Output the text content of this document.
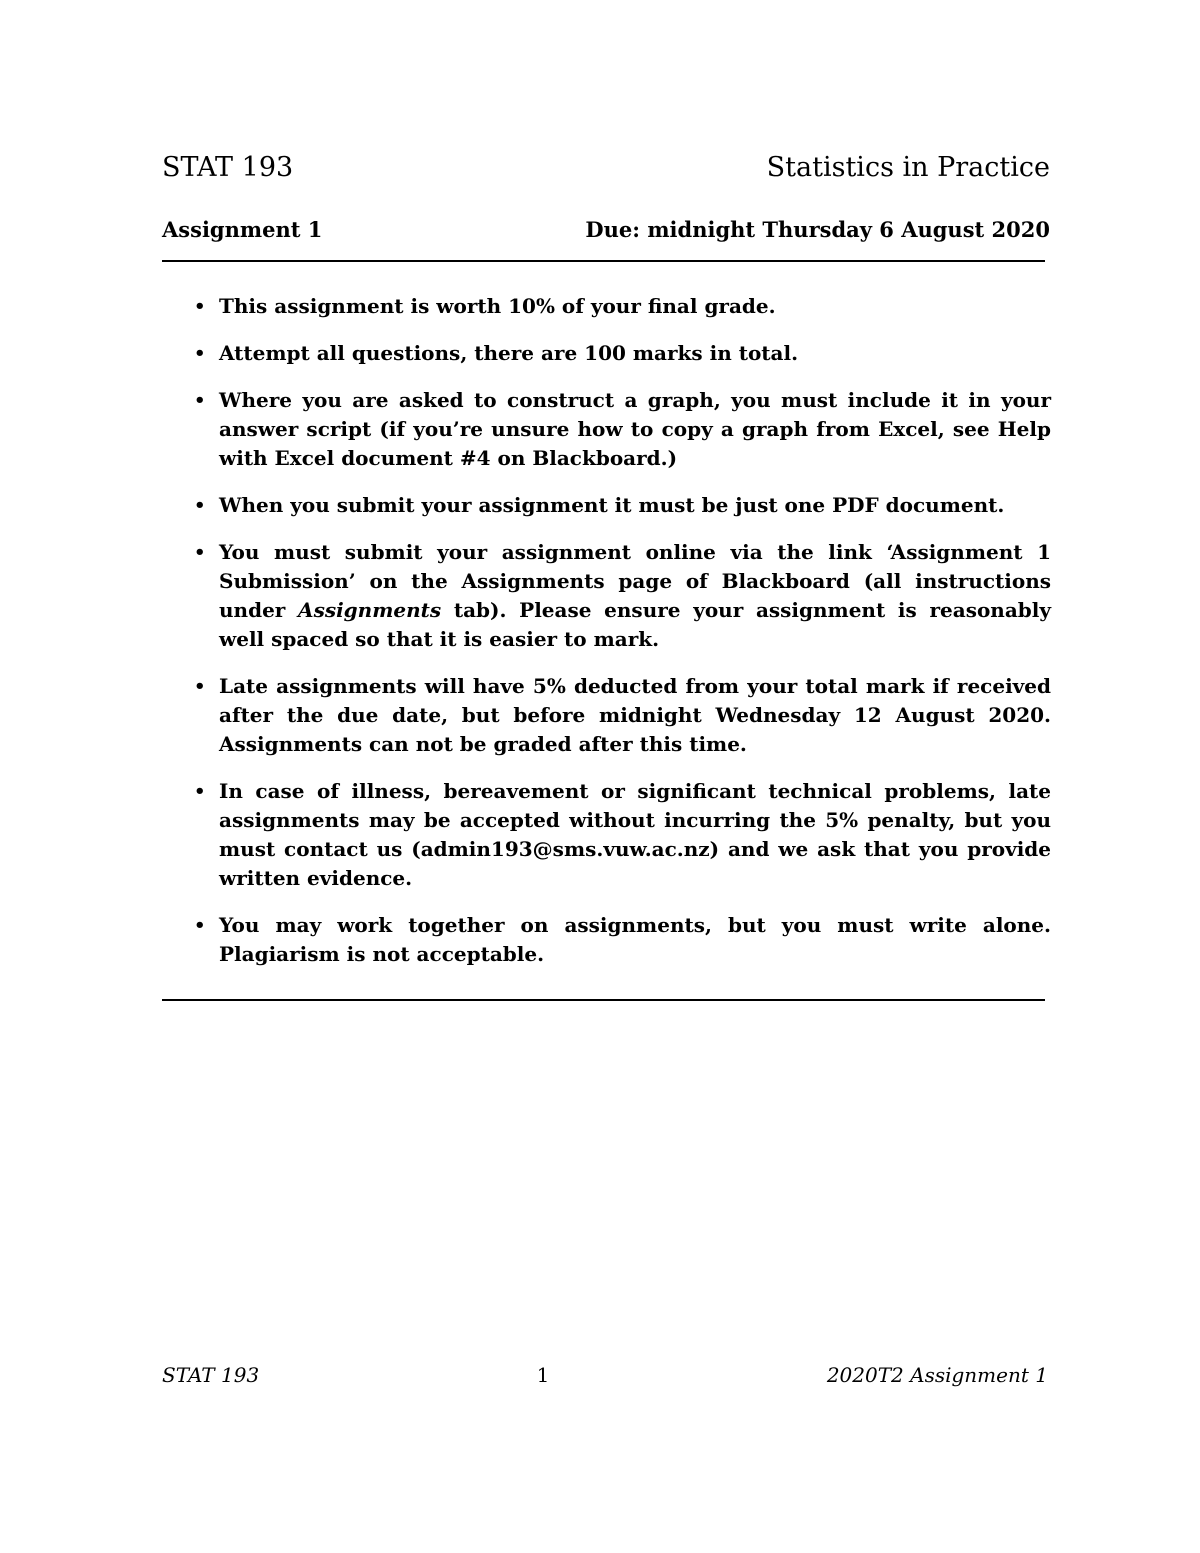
STAT 193	Statistics in Practice
Assignment 1	Due: midnight Thursday 6 August 2020
• This assignment is worth 10% of your final grade.
• Attempt all questions, there are 100 marks in total.
• Where you are asked to construct a graph, you must include it in your answer script (if you’re unsure how to copy a graph from Excel, see Help with Excel document #4 on Blackboard.)
• When you submit your assignment it must be just one PDF document.
• You must submit your assignment online via the link ‘Assignment 1 Submission’ on the Assignments page of Blackboard (all instructions under Assignments tab). Please ensure your assignment is reasonably well spaced so that it is easier to mark.
• Late assignments will have 5% deducted from your total mark if received after the due date, but before midnight Wednesday 12 August 2020. Assignments can not be graded after this time.
• In case of illness, bereavement or significant technical problems, late assignments may be accepted without incurring the 5% penalty, but you must contact us (admin193@sms.vuw.ac.nz) and we ask that you provide written evidence.
• You may work together on assignments, but you must write alone. Plagiarism is not acceptable.
STAT 193	1	2020T2 Assignment 1
